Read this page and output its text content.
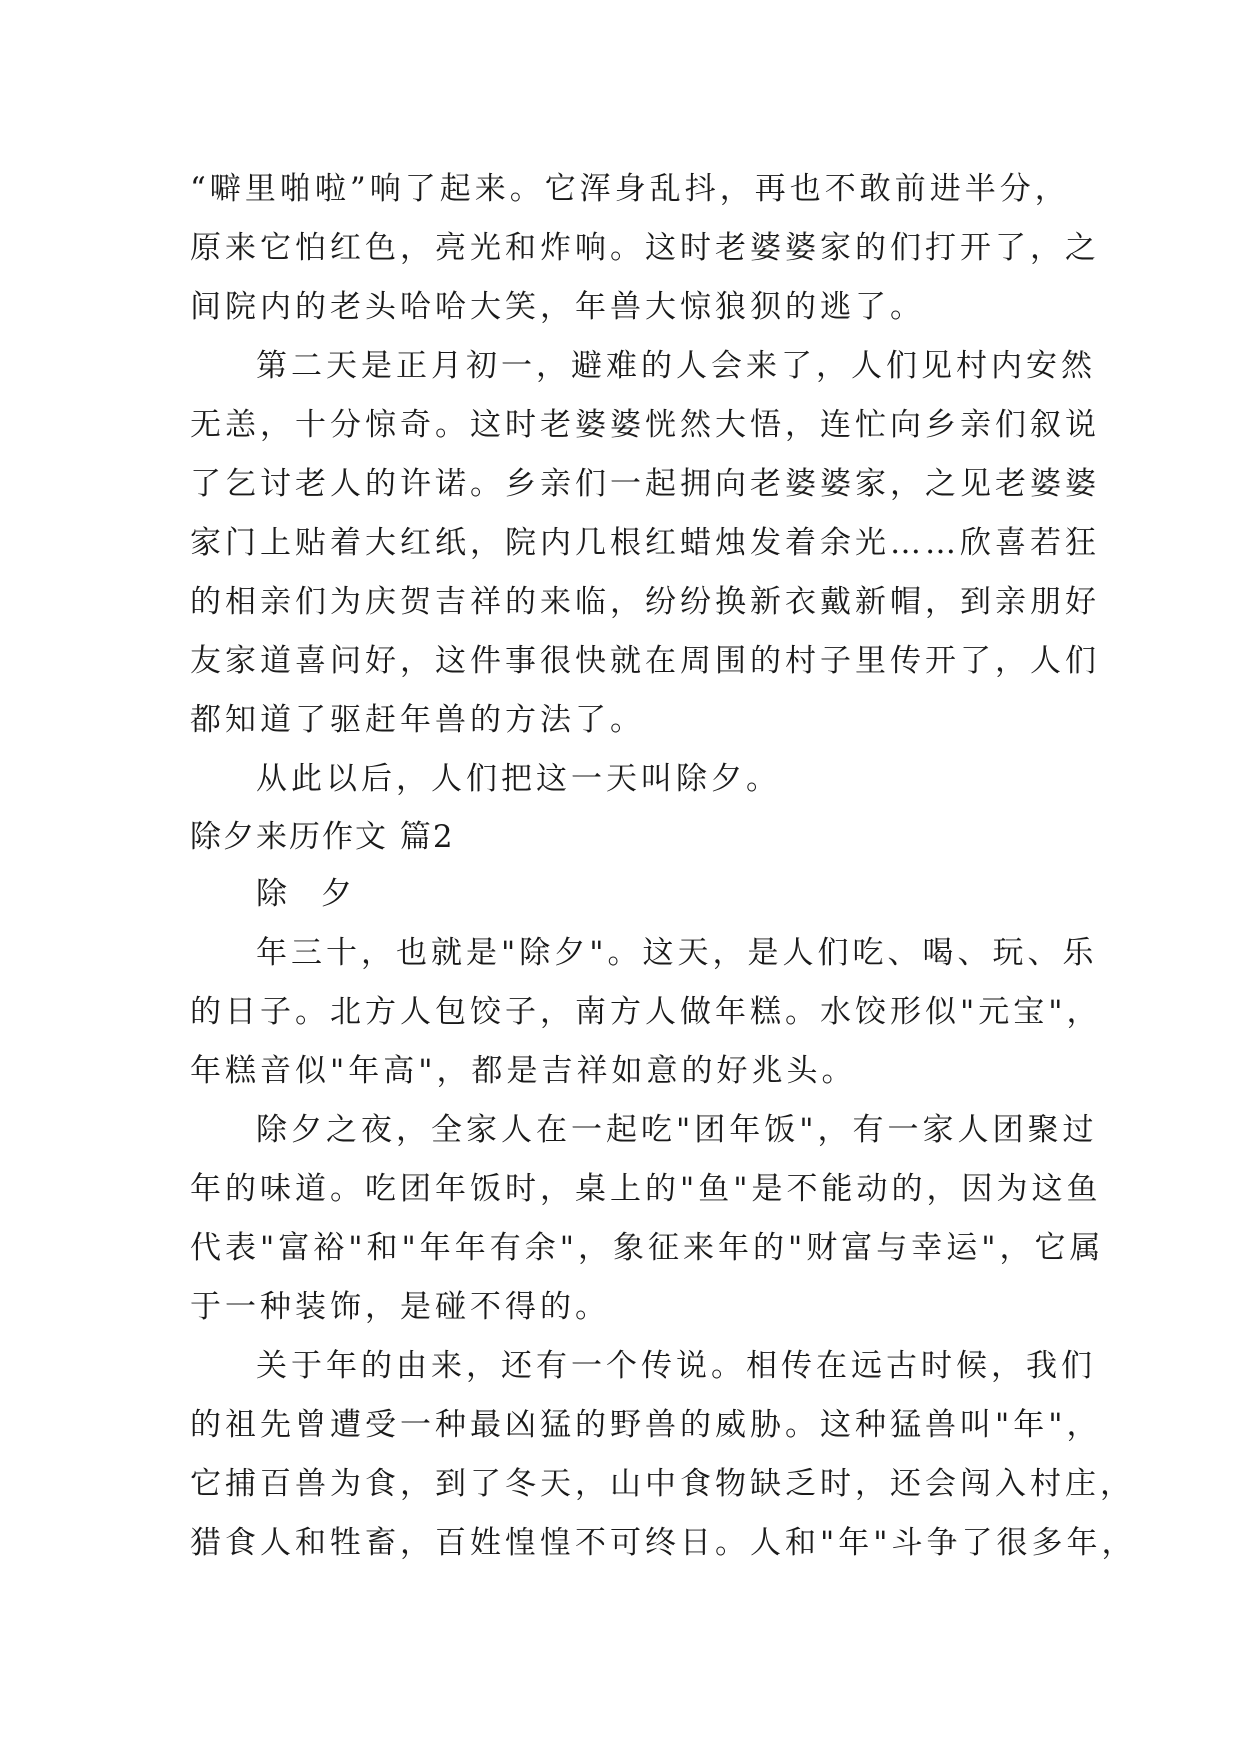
“噼里啪啦”响了起来。它浑身乱抖，再也不敢前进半分，
原来它怕红色，亮光和炸响。这时老婆婆家的们打开了，之
间院内的老头哈哈大笑，年兽大惊狼狈的逃了。
第二天是正月初一，避难的人会来了，人们见村内安然
无恙，十分惊奇。这时老婆婆恍然大悟，连忙向乡亲们叙说
了乞讨老人的许诺。乡亲们一起拥向老婆婆家，之见老婆婆
家门上贴着大红纸，院内几根红蜡烛发着余光……欣喜若狂
的相亲们为庆贺吉祥的来临，纷纷换新衣戴新帽，到亲朋好
友家道喜问好，这件事很快就在周围的村子里传开了，人们
都知道了驱赶年兽的方法了。
从此以后，人们把这一天叫除夕。
除夕来历作文 篇2
除 夕
年三十，也就是"除夕"。这天，是人们吃、喝、玩、乐
的日子。北方人包饺子，南方人做年糕。水饺形似"元宝"，
年糕音似"年高"，都是吉祥如意的好兆头。
除夕之夜，全家人在一起吃"团年饭"，有一家人团聚过
年的味道。吃团年饭时，桌上的"鱼"是不能动的，因为这鱼
代表"富裕"和"年年有余"，象征来年的"财富与幸运"，它属
于一种装饰，是碰不得的。
关于年的由来，还有一个传说。相传在远古时候，我们
的祖先曾遭受一种最凶猛的野兽的威胁。这种猛兽叫"年"，
它捕百兽为食，到了冬天，山中食物缺乏时，还会闯入村庄，
猎食人和牲畜，百姓惶惶不可终日。人和"年"斗争了很多年，
